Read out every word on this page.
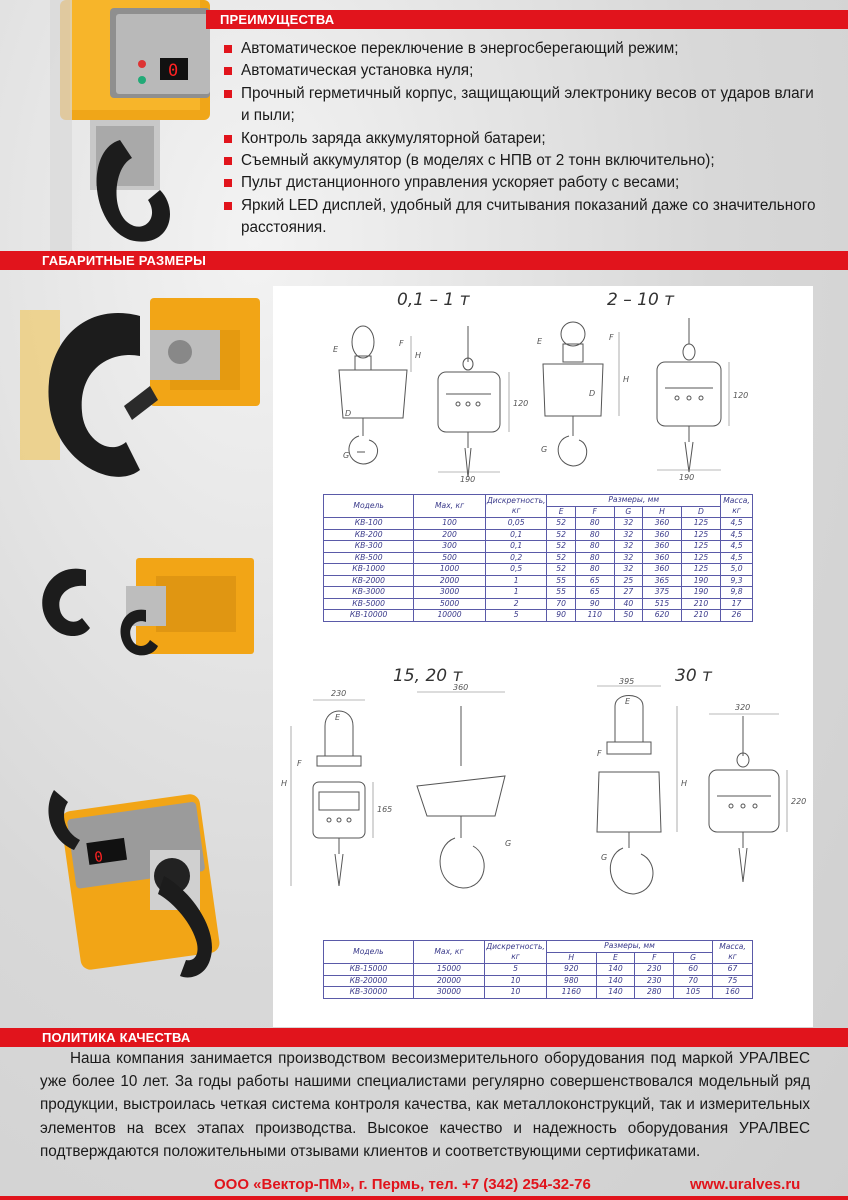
0
ПРЕИМУЩЕСТВА
Автоматическое переключение в энергосберегающий режим;
Автоматическая установка нуля;
Прочный герметичный корпус, защищающий электронику весов от ударов влаги и пыли;
Контроль заряда аккумуляторной батареи;
Съемный аккумулятор (в моделях с НПВ от 2 тонн включительно);
Пульт дистанционного управления ускоряет работу с весами;
Яркий LED дисплей, удобный для считывания показаний даже со значительного расстояния.
ГАБАРИТНЫЕ РАЗМЕРЫ
0
0,1 – 1 т	2 – 10 т
15, 20 т	30 т
190	190
120
120
E
F
H
D
G
E	F
H
D
G
Модель	Max, кг	Дискретность, кг	Размеры, мм					Масса, кг
			E	F	G	H	D	
КВ-100	100	0,05	52	80	32	360	125	4,5
КВ-200	200	0,1	52	80	32	360	125	4,5
КВ-300	300	0,1	52	80	32	360	125	4,5
КВ-500	500	0,2	52	80	32	360	125	4,5
КВ-1000	1000	0,5	52	80	32	360	125	5,0
КВ-2000	2000	1	55	65	25	365	190	9,3
КВ-3000	3000	1	55	65	27	375	190	9,8
КВ-5000	5000	2	70	90	40	515	210	17
КВ-10000	10000	5	90	110	50	620	210	26
230
360
165
395
320
220
E
F
H
G
E
F
H
G
Модель	Max, кг	Дискретность, кг	Размеры, мм				Масса, кг
			H	E	F	G	
КВ-15000	15000	5	920	140	230	60	67
КВ-20000	20000	10	980	140	230	70	75
КВ-30000	30000	10	1160	140	280	105	160
ПОЛИТИКА КАЧЕСТВА

Наша компания занимается производством весоизмерительного оборудования под маркой УРАЛВЕС уже более 10 лет. За годы работы нашими специалистами регулярно совершенствовался модельный ряд продукции, выстроилась четкая система контроля качества, как металлоконструкций, так и измерительных элементов на всех этапах производства. Высокое качество и надежность оборудования УРАЛВЕС подтверждаются положительными отзывами клиентов и соответствующими сертификатами.

ООО «Вектор-ПМ», г. Пермь, тел. +7 (342) 254-32-76	www.uralves.ru
